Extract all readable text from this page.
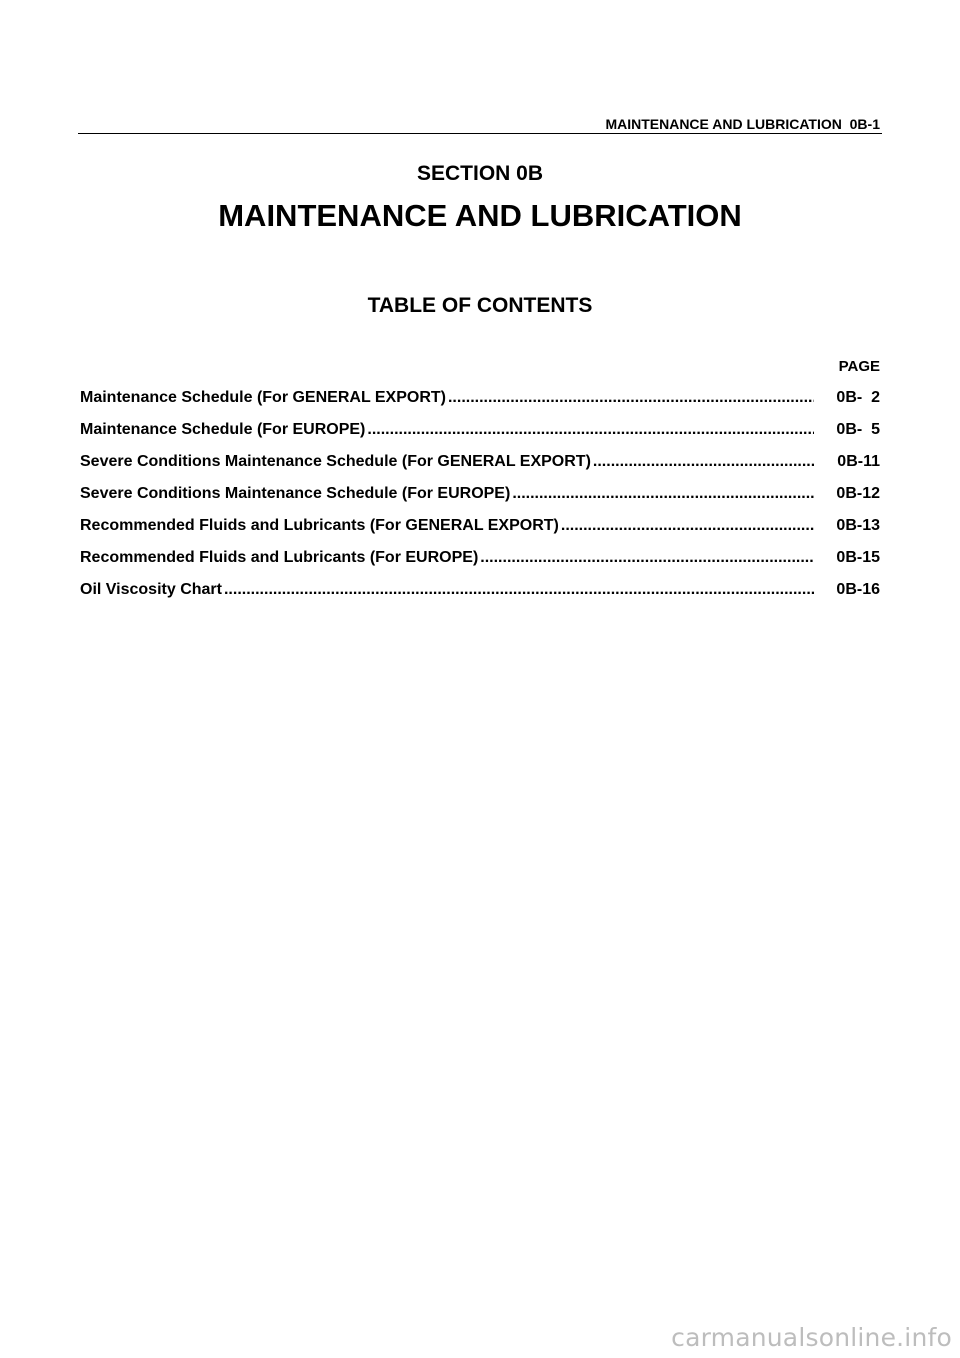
MAINTENANCE AND LUBRICATION  0B-1
SECTION 0B
MAINTENANCE AND LUBRICATION
TABLE OF CONTENTS
PAGE
Maintenance Schedule (For GENERAL EXPORT) .....	0B-  2
Maintenance Schedule (For EUROPE) .....	0B-  5
Severe Conditions Maintenance Schedule (For GENERAL EXPORT) .....	0B-11
Severe Conditions Maintenance Schedule (For EUROPE) .....	0B-12
Recommended Fluids and Lubricants (For GENERAL EXPORT) .....	0B-13
Recommended Fluids and Lubricants (For EUROPE) .....	0B-15
Oil Viscosity Chart .....	0B-16
carmanualsonline.info
